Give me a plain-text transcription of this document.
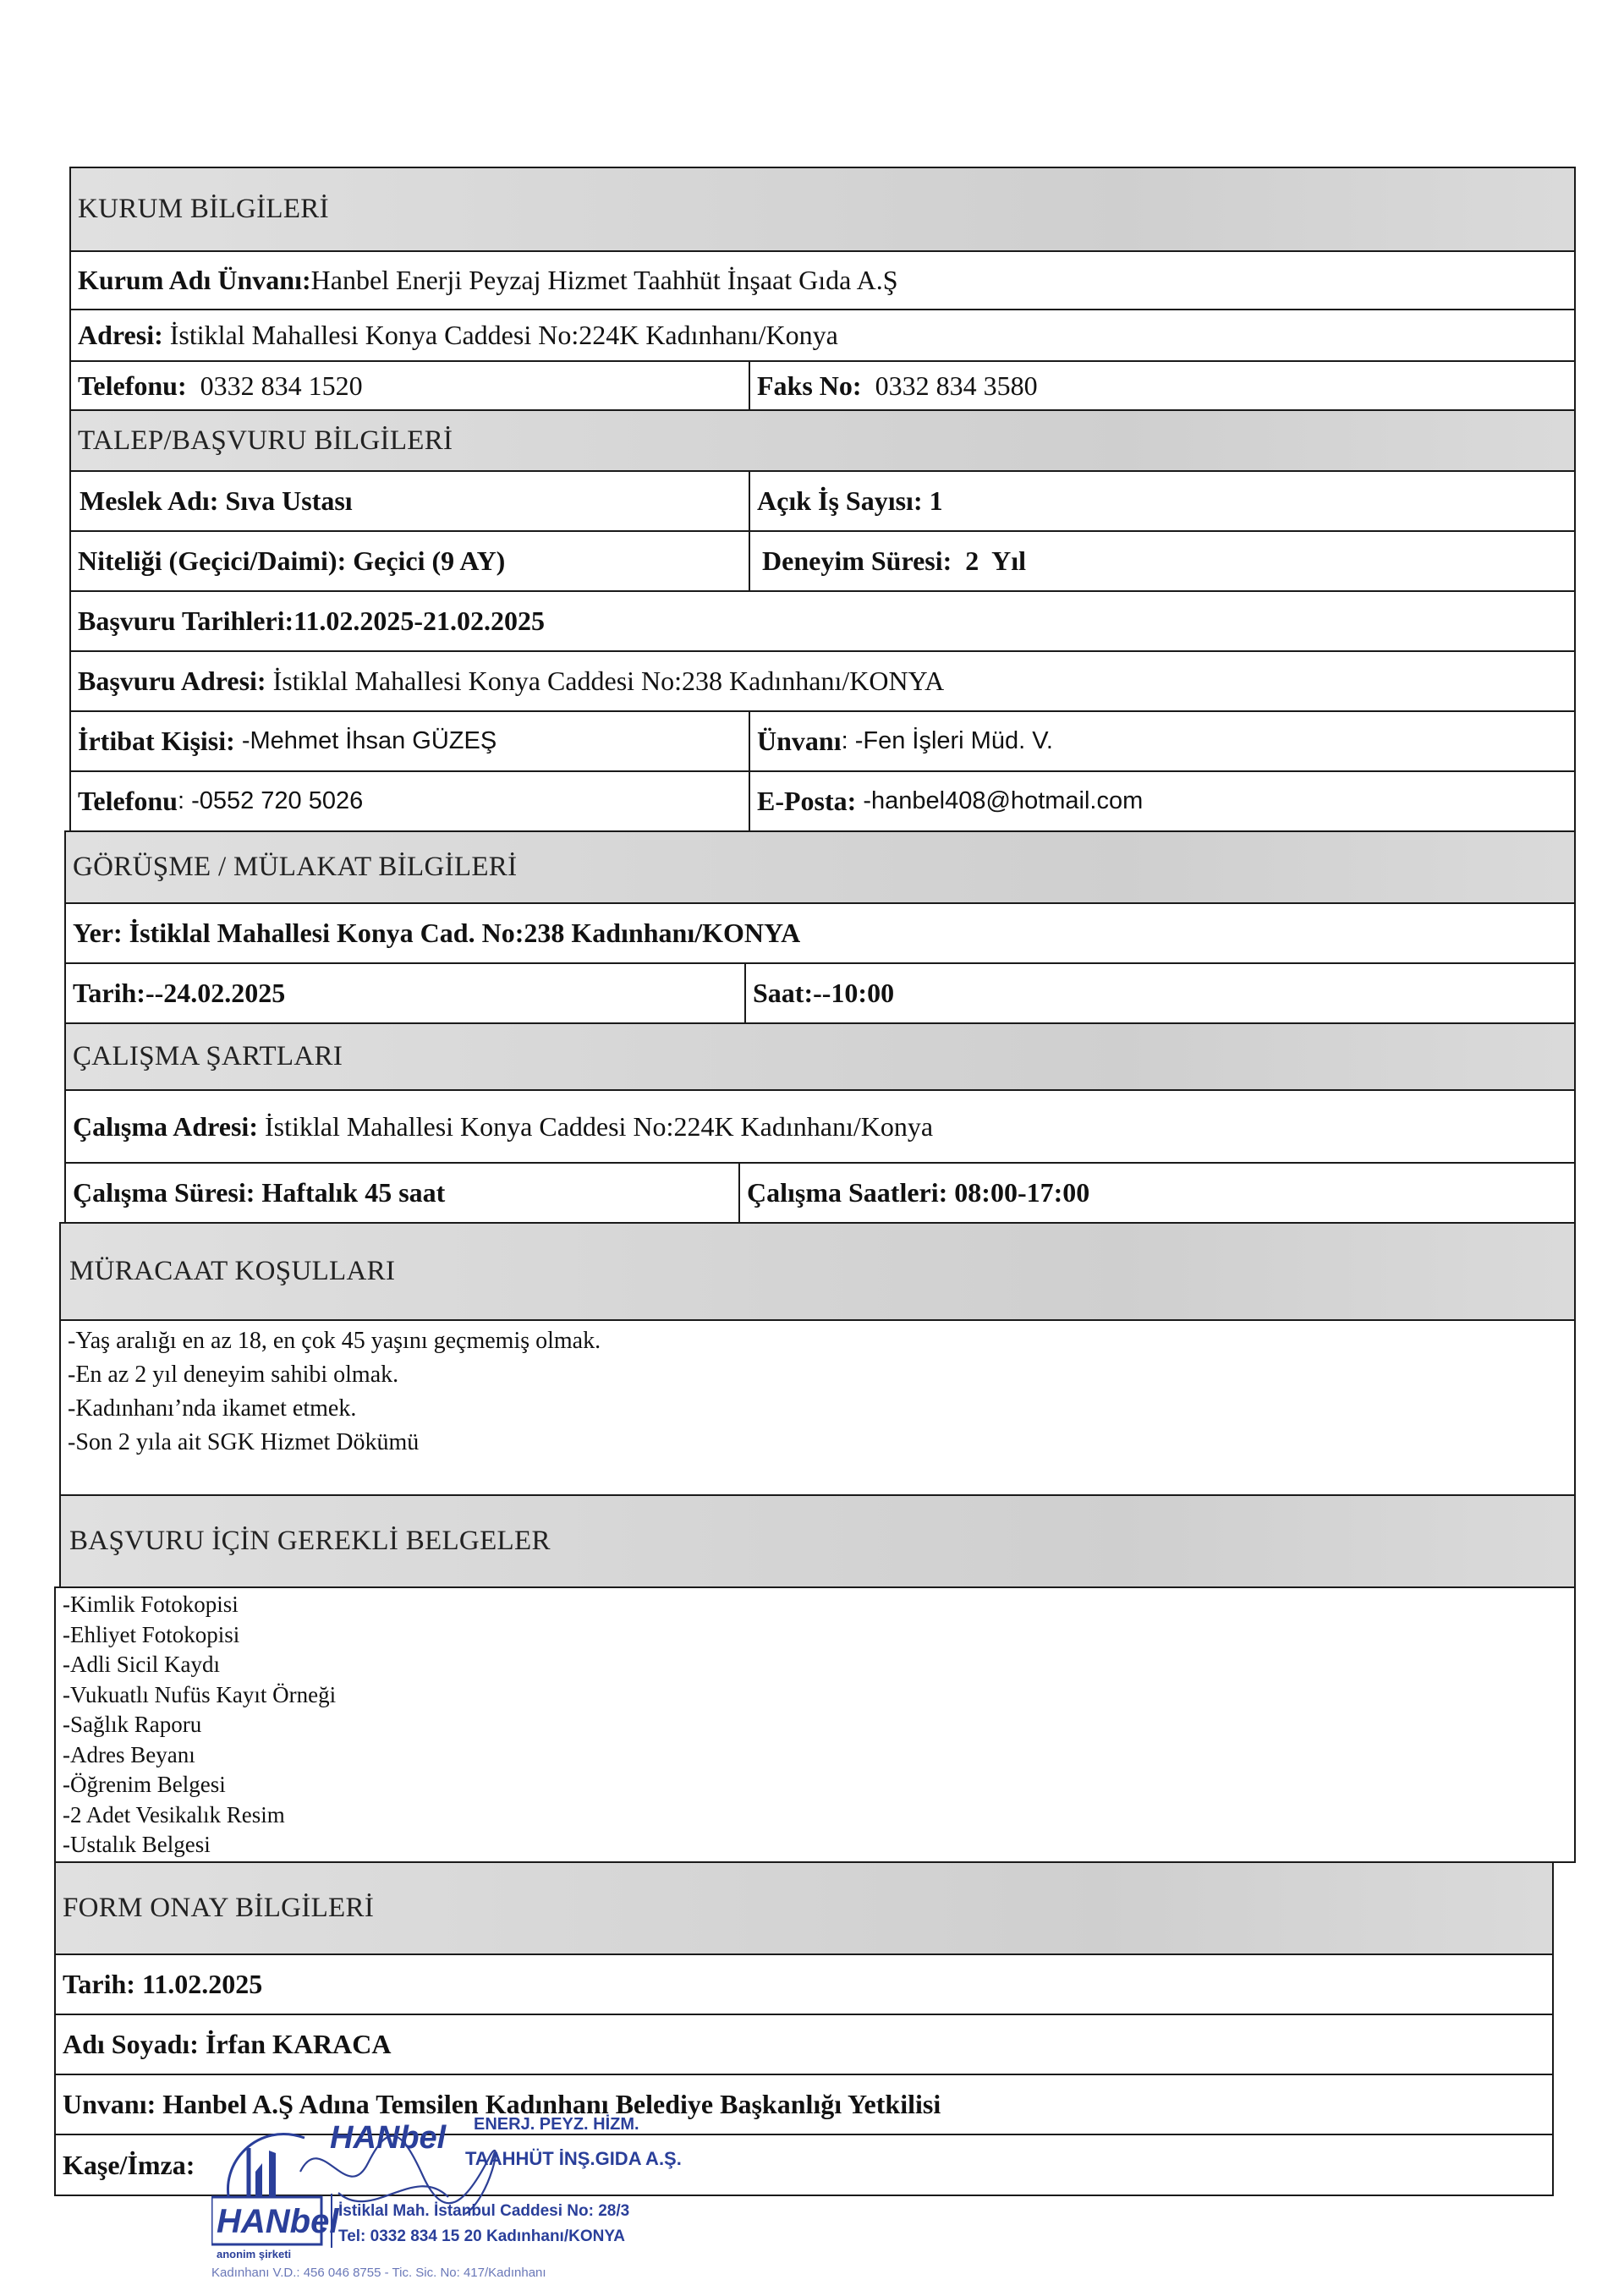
KURUM BİLGİLERİ
Kurum Adı Ünvanı: Hanbel Enerji Peyzaj Hizmet Taahhüt İnşaat Gıda A.Ş
Adresi: İstiklal Mahallesi Konya Caddesi No:224K Kadınhanı/Konya
Telefonu: 0332 834 1520	Faks No: 0332 834 3580
TALEP/BAŞVURU BİLGİLERİ
Meslek Adı: Sıva Ustası	Açık İş Sayısı: 1
Niteliği (Geçici/Daimi): Geçici (9 AY)	Deneyim Süresi:  2  Yıl
Başvuru Tarihleri:11.02.2025-21.02.2025
Başvuru Adresi: İstiklal Mahallesi Konya Caddesi No:238 Kadınhanı/KONYA
İrtibat Kişisi: -Mehmet İhsan GÜZEŞ	Ünvanı : -Fen İşleri Müd. V.
Telefonu : -0552 720 5026	E-Posta: -hanbel408@hotmail.com
GÖRÜŞME / MÜLAKAT BİLGİLERİ
Yer: İstiklal Mahallesi Konya Cad. No:238 Kadınhanı/KONYA
Tarih:--24.02.2025	Saat:--10:00
ÇALIŞMA ŞARTLARI
Çalışma Adresi: İstiklal Mahallesi Konya Caddesi No:224K Kadınhanı/Konya
Çalışma Süresi: Haftalık 45 saat	Çalışma Saatleri: 08:00-17:00
MÜRACAAT KOŞULLARI
-Yaş aralığı en az 18, en çok 45 yaşını geçmemiş olmak.
-En az 2 yıl deneyim sahibi olmak.
-Kadınhanı’nda ikamet etmek.
-Son 2 yıla ait SGK Hizmet Dökümü
BAŞVURU İÇİN GEREKLİ BELGELER
-Kimlik Fotokopisi
-Ehliyet Fotokopisi
-Adli Sicil Kaydı
-Vukuatlı Nufüs Kayıt Örneği
-Sağlık Raporu
-Adres Beyanı
-Öğrenim Belgesi
-2 Adet Vesikalık Resim
-Ustalık Belgesi
FORM ONAY BİLGİLERİ
Tarih: 11.02.2025
Adı Soyadı: İrfan KARACA
Unvanı: Hanbel A.Ş Adına Temsilen Kadınhanı Belediye Başkanlığı Yetkilisi
Kaşe/İmza:
HANbel ENERJ. PEYZ. HİZM.
TAAHHÜT İNŞ.GIDA A.Ş.
HANbel
anonim şirketi
İstiklal Mah. İstanbul Caddesi No: 28/3
Tel: 0332 834 15 20 Kadınhanı/KONYA
Kadınhanı V.D.: 456 046 8755 - Tic. Sic. No: 417/Kadınhanı
